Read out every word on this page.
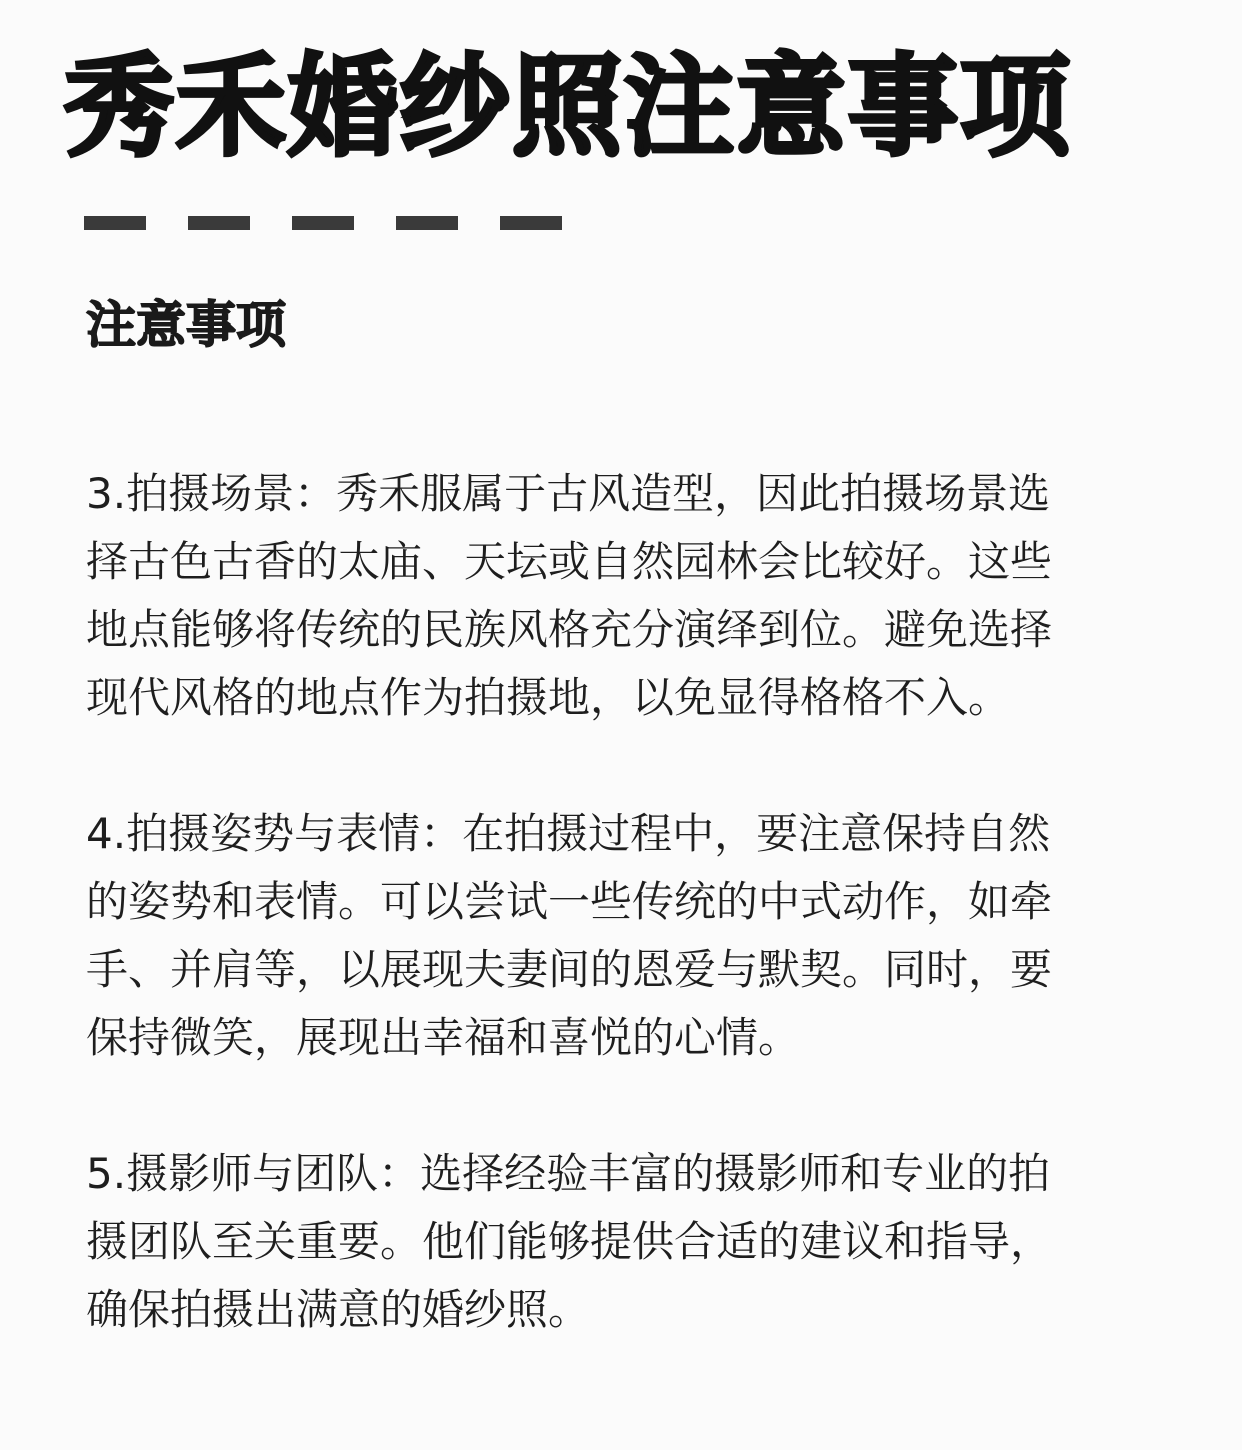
秀禾婚纱照注意事项
注意事项
3.拍摄场景：秀禾服属于古风造型，因此拍摄场景选
择古色古香的太庙、天坛或自然园林会比较好。这些
地点能够将传统的民族风格充分演绎到位。避免选择
现代风格的地点作为拍摄地，以免显得格格不入。
4.拍摄姿势与表情：在拍摄过程中，要注意保持自然
的姿势和表情。可以尝试一些传统的中式动作，如牵
手、并肩等，以展现夫妻间的恩爱与默契。同时，要
保持微笑，展现出幸福和喜悦的心情。
5.摄影师与团队：选择经验丰富的摄影师和专业的拍
摄团队至关重要。他们能够提供合适的建议和指导，
确保拍摄出满意的婚纱照。
